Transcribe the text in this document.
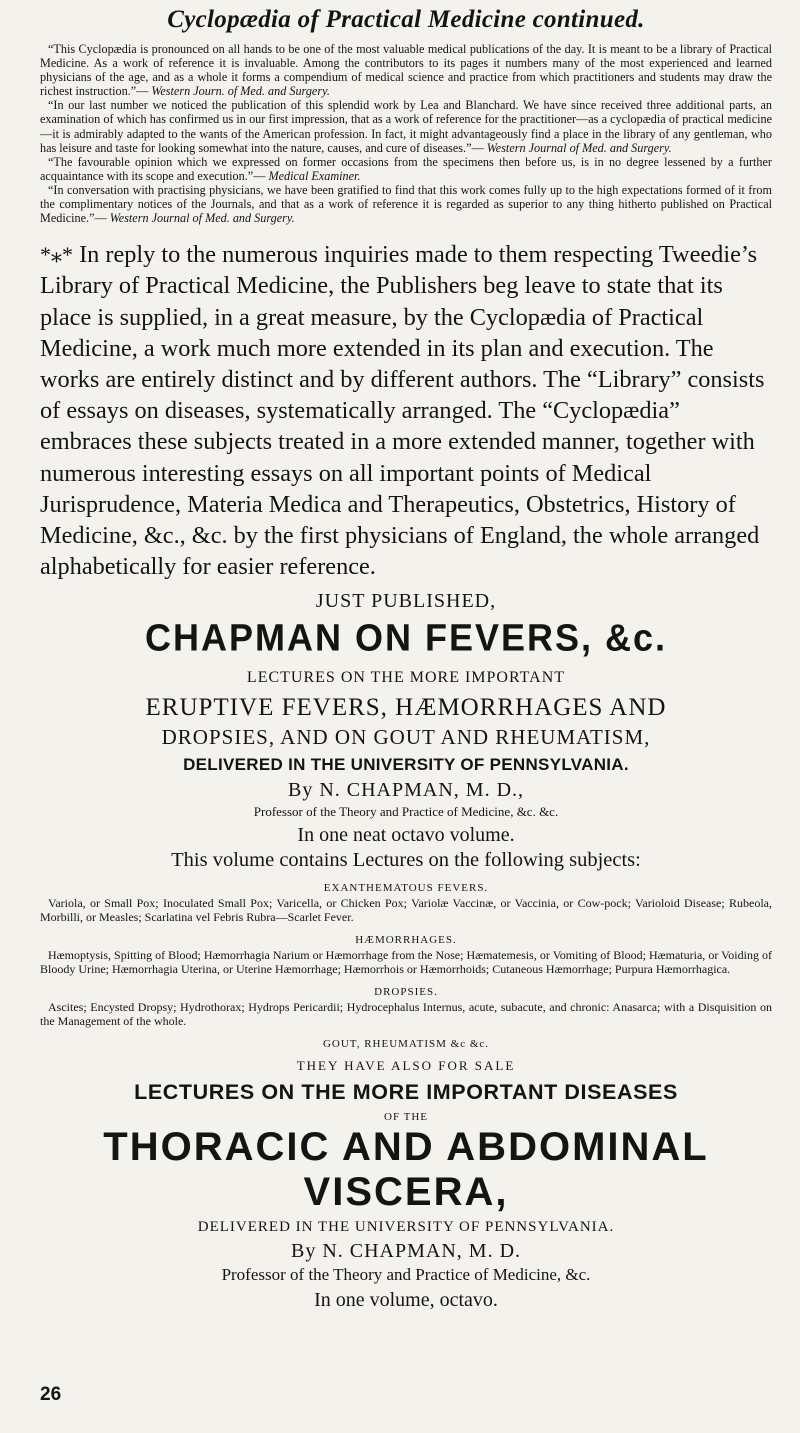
Cyclopædia of Practical Medicine continued.

“This Cyclopædia is pronounced on all hands to be one of the most valuable medical publications of the day. It is meant to be a library of Practical Medicine. As a work of reference it is invaluable. Among the contributors to its pages it numbers many of the most experienced and learned physicians of the age, and as a whole it forms a compendium of medical science and practice from which practitioners and students may draw the richest instruction.”— Western Journ. of Med. and Surgery.

“In our last number we noticed the publication of this splendid work by Lea and Blanchard. We have since received three additional parts, an examination of which has confirmed us in our first impression, that as a work of reference for the practitioner—as a cyclopædia of practical medicine—it is admirably adapted to the wants of the American profession. In fact, it might advantageously find a place in the library of any gentleman, who has leisure and taste for looking somewhat into the nature, causes, and cure of diseases.”— Western Journal of Med. and Surgery.

“The favourable opinion which we expressed on former occasions from the specimens then before us, is in no degree lessened by a further acquaintance with its scope and execution.”— Medical Examiner.

“In conversation with practising physicians, we have been gratified to find that this work comes fully up to the high expectations formed of it from the complimentary notices of the Journals, and that as a work of reference it is regarded as superior to any thing hitherto published on Practical Medicine.”— Western Journal of Med. and Surgery.

*⁎* In reply to the numerous inquiries made to them respecting Tweedie’s Library of Practical Medicine, the Publishers beg leave to state that its place is supplied, in a great measure, by the Cyclopædia of Practical Medicine, a work much more extended in its plan and execution. The works are entirely distinct and by different authors. The “Library” consists of essays on diseases, systematically arranged. The “Cyclopædia” embraces these subjects treated in a more extended manner, together with numerous interesting essays on all important points of Medical Jurisprudence, Materia Medica and Therapeutics, Obstetrics, History of Medicine, &c., &c. by the first physicians of England, the whole arranged alphabetically for easier reference.

JUST PUBLISHED,
CHAPMAN ON FEVERS, &c.
LECTURES ON THE MORE IMPORTANT
ERUPTIVE FEVERS, HÆMORRHAGES AND
DROPSIES, AND ON GOUT AND RHEUMATISM,
DELIVERED IN THE UNIVERSITY OF PENNSYLVANIA.
By N. CHAPMAN, M. D.,
Professor of the Theory and Practice of Medicine, &c. &c.
In one neat octavo volume.
This volume contains Lectures on the following subjects:
EXANTHEMATOUS FEVERS.

Variola, or Small Pox; Inoculated Small Pox; Varicella, or Chicken Pox; Variolæ Vaccinæ, or Vaccinia, or Cow-pock; Varioloid Disease; Rubeola, Morbilli, or Measles; Scarlatina vel Febris Rubra—Scarlet Fever.

HÆMORRHAGES.

Hæmoptysis, Spitting of Blood; Hæmorrhagia Narium or Hæmorrhage from the Nose; Hæmatemesis, or Vomiting of Blood; Hæmaturia, or Voiding of Bloody Urine; Hæmorrhagia Uterina, or Uterine Hæmorrhage; Hæmorrhois or Hæmorrhoids; Cutaneous Hæmorrhage; Purpura Hæmorrhagica.

DROPSIES.

Ascites; Encysted Dropsy; Hydrothorax; Hydrops Pericardii; Hydrocephalus Internus, acute, subacute, and chronic: Anasarca; with a Disquisition on the Management of the whole.

GOUT, RHEUMATISM &c &c.
THEY HAVE ALSO FOR SALE
LECTURES ON THE MORE IMPORTANT DISEASES
OF THE
THORACIC AND ABDOMINAL VISCERA,
DELIVERED IN THE UNIVERSITY OF PENNSYLVANIA.
By N. CHAPMAN, M. D.
Professor of the Theory and Practice of Medicine, &c.
In one volume, octavo.
26
